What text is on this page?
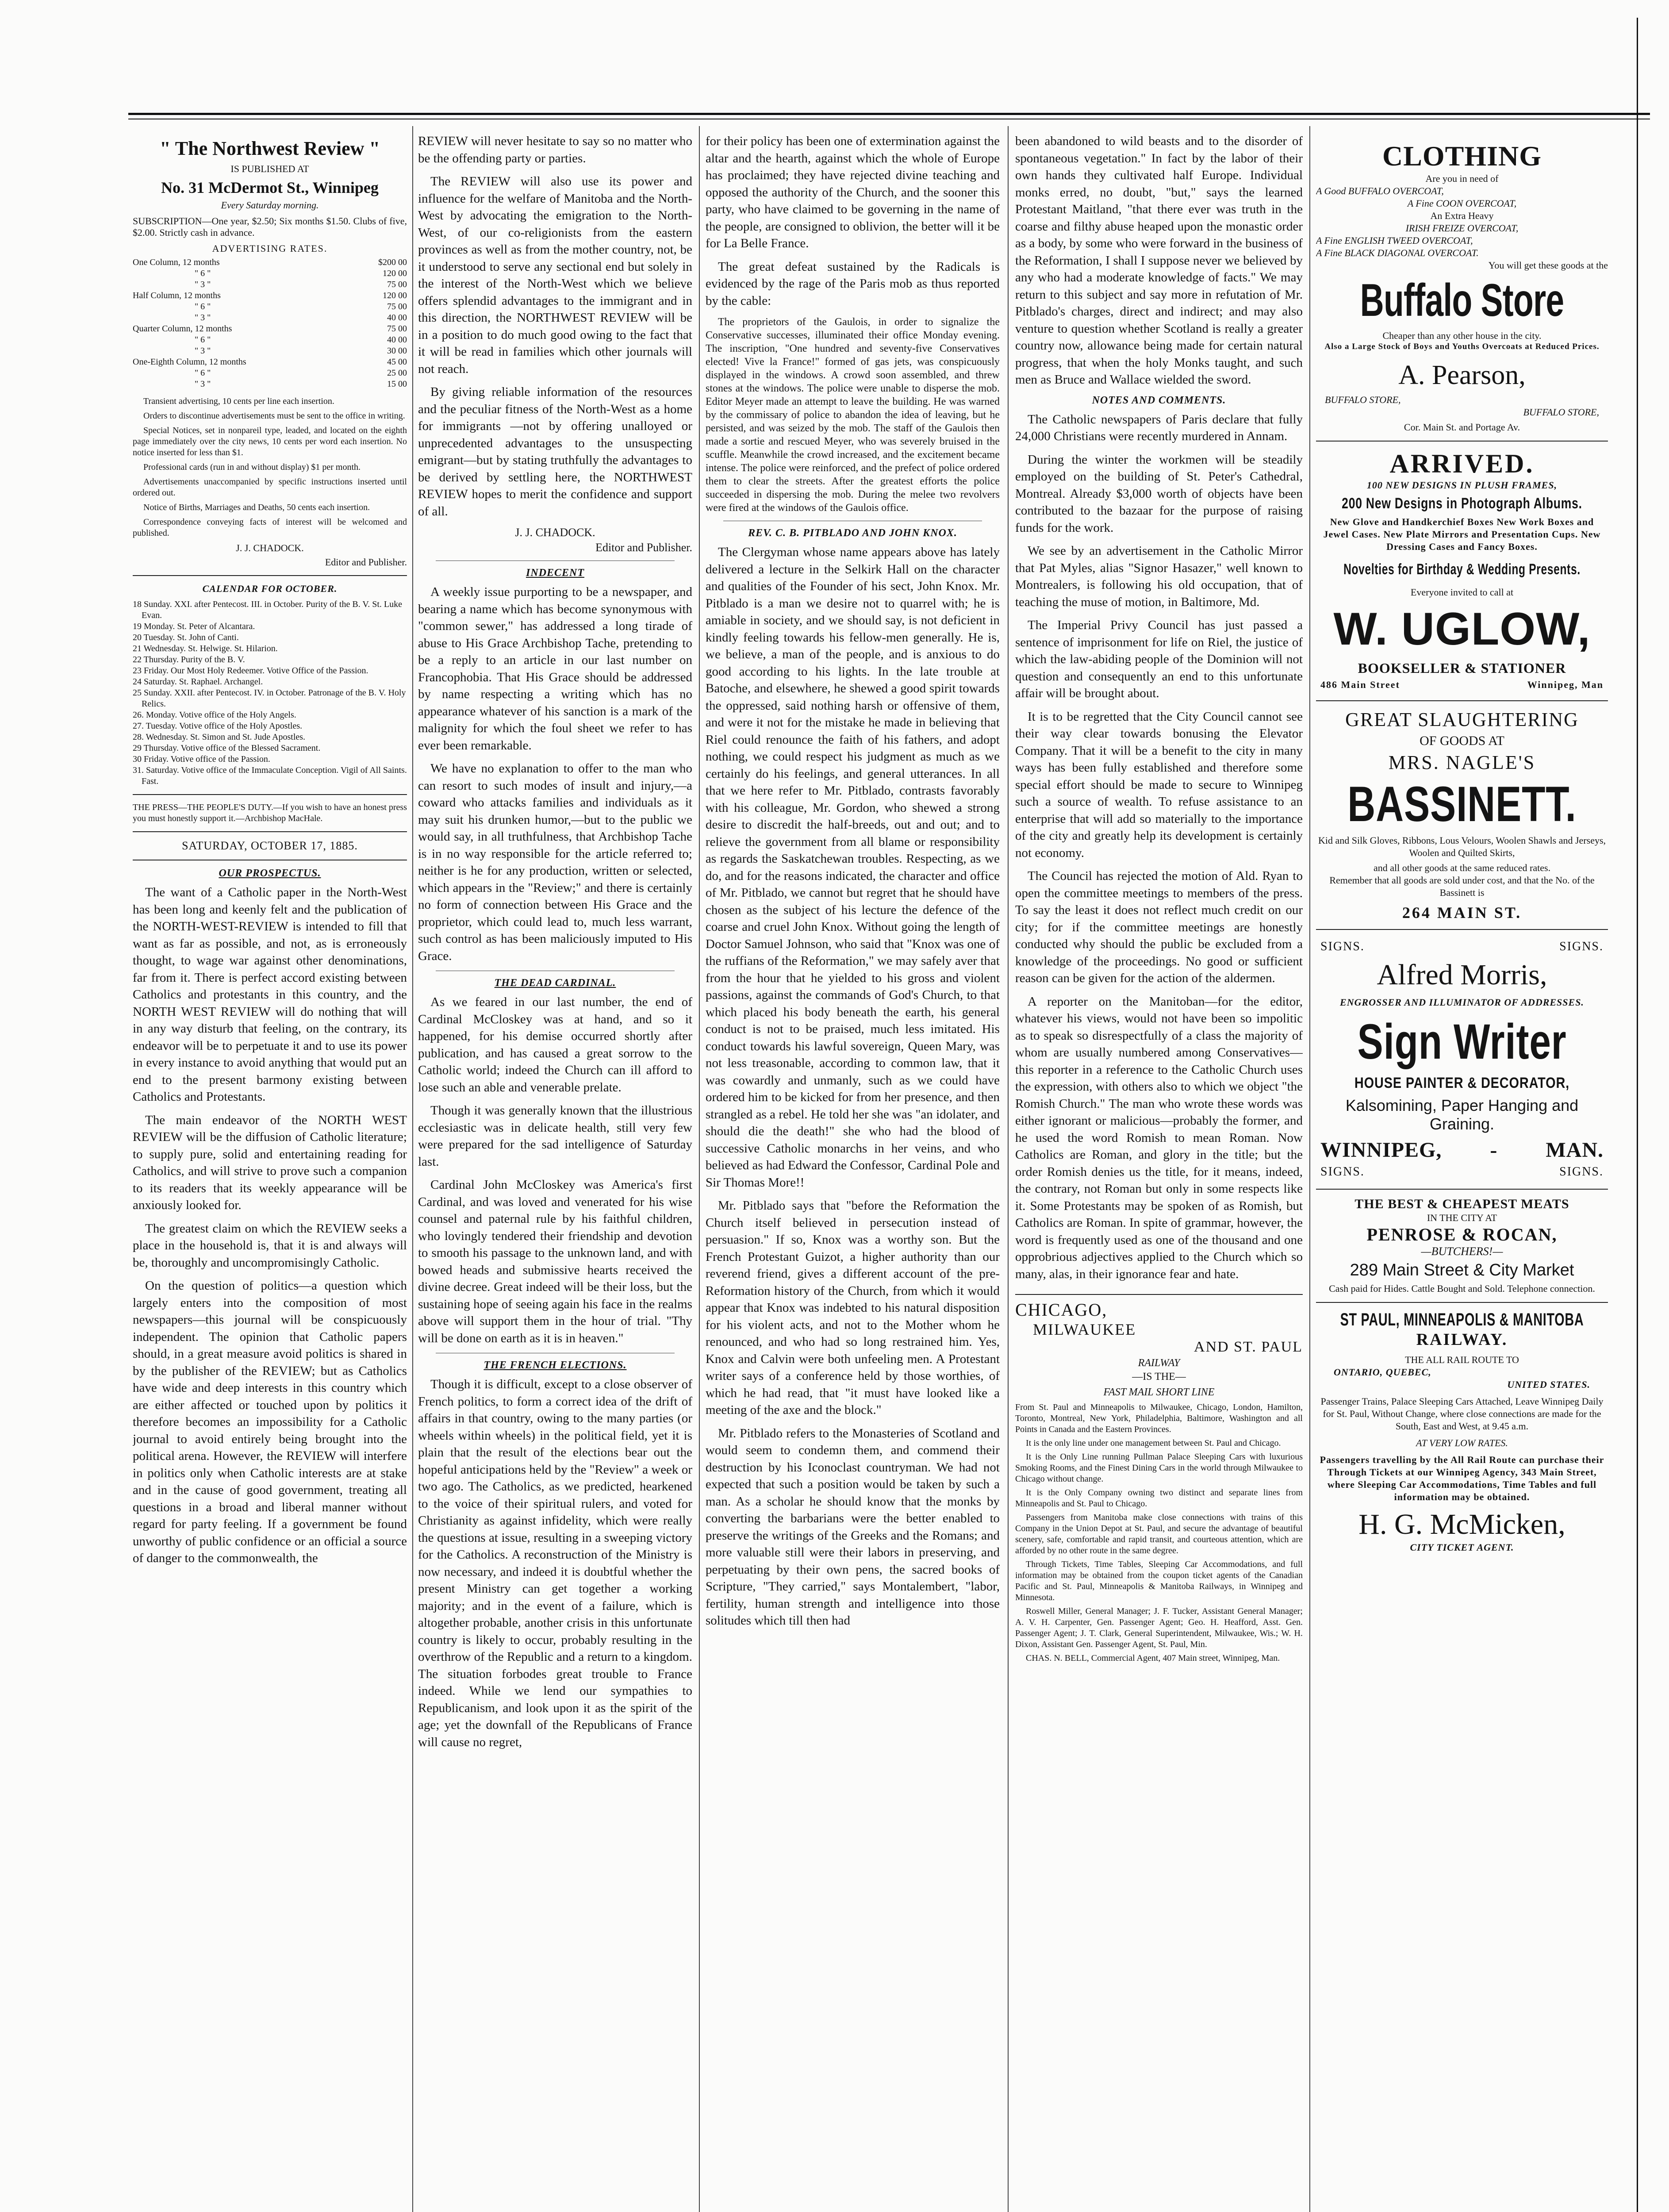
" The Northwest Review "
IS PUBLISHED AT
No. 31 McDermot St., Winnipeg
Every Saturday morning.
SUBSCRIPTION—One year, $2.50; Six months $1.50. Clubs of five, $2.00. Strictly cash in advance.
ADVERTISING RATES.
One Column, 12 months	$200 00
" 6 "	120 00
" 3 "	75 00
Half Column, 12 months	120 00
" 6 "	75 00
" 3 "	40 00
Quarter Column, 12 months	75 00
" 6 "	40 00
" 3 "	30 00
One-Eighth Column, 12 months	45 00
" 6 "	25 00
" 3 "	15 00
Transient advertising, 10 cents per line each insertion.
Orders to discontinue advertisements must be sent to the office in writing.
Special Notices, set in nonpareil type, leaded, and located on the eighth page immediately over the city news, 10 cents per word each insertion. No notice inserted for less than $1.
Professional cards (run in and without display) $1 per month.
Advertisements unaccompanied by specific instructions inserted until ordered out.
Notice of Births, Marriages and Deaths, 50 cents each insertion.
Correspondence conveying facts of interest will be welcomed and published.
J. J. CHADOCK.
Editor and Publisher.
CALENDAR FOR OCTOBER.
18 Sunday. XXI. after Pentecost. III. in October. Purity of the B. V. St. Luke Evan.
19 Monday. St. Peter of Alcantara.
20 Tuesday. St. John of Canti.
21 Wednesday. St. Helwige. St. Hilarion.
22 Thursday. Purity of the B. V.
23 Friday. Our Most Holy Redeemer. Votive Office of the Passion.
24 Saturday. St. Raphael. Archangel.
25 Sunday. XXII. after Pentecost. IV. in October. Patronage of the B. V. Holy Relics.
26. Monday. Votive office of the Holy Angels.
27. Tuesday. Votive office of the Holy Apostles.
28. Wednesday. St. Simon and St. Jude Apostles.
29 Thursday. Votive office of the Blessed Sacrament.
30 Friday. Votive office of the Passion.
31. Saturday. Votive office of the Immaculate Conception. Vigil of All Saints. Fast.
THE PRESS—THE PEOPLE'S DUTY.—If you wish to have an honest press you must honestly support it.—Archbishop MacHale.
SATURDAY, OCTOBER 17, 1885.
OUR PROSPECTUS.

The want of a Catholic paper in the North-West has been long and keenly felt and the publication of the NORTH-WEST-REVIEW is intended to fill that want as far as possible, and not, as is erroneously thought, to wage war against other denominations, far from it. There is perfect accord existing between Catholics and protestants in this country, and the NORTH WEST REVIEW will do nothing that will in any way disturb that feeling, on the contrary, its endeavor will be to perpetuate it and to use its power in every instance to avoid anything that would put an end to the present barmony existing between Catholics and Protestants.

The main endeavor of the NORTH WEST REVIEW will be the diffusion of Catholic literature; to supply pure, solid and entertaining reading for Catholics, and will strive to prove such a companion to its readers that its weekly appearance will be anxiously looked for.

The greatest claim on which the REVIEW seeks a place in the household is, that it is and always will be, thoroughly and uncompromisingly Catholic.

On the question of politics—a question which largely enters into the composition of most newspapers—this journal will be conspicuously independent. The opinion that Catholic papers should, in a great measure avoid politics is shared in by the publisher of the REVIEW; but as Catholics have wide and deep interests in this country which are either affected or touched upon by politics it therefore becomes an impossibility for a Catholic journal to avoid entirely being brought into the political arena. However, the REVIEW will interfere in politics only when Catholic interests are at stake and in the cause of good government, treating all questions in a broad and liberal manner without regard for party feeling. If a government be found unworthy of public confidence or an official a source of danger to the commonwealth, the

REVIEW will never hesitate to say so no matter who be the offending party or parties.

The REVIEW will also use its power and influence for the welfare of Manitoba and the North-West by advocating the emigration to the North-West, of our co-religionists from the eastern provinces as well as from the mother country, not, be it understood to serve any sectional end but solely in the interest of the North-West which we believe offers splendid advantages to the immigrant and in this direction, the NORTHWEST REVIEW will be in a position to do much good owing to the fact that it will be read in families which other journals will not reach.

By giving reliable information of the resources and the peculiar fitness of the North-West as a home for immigrants —not by offering unalloyed or unprecedented advantages to the unsuspecting emigrant—but by stating truthfully the advantages to be derived by settling here, the NORTHWEST REVIEW hopes to merit the confidence and support of all.

J. J. CHADOCK.
Editor and Publisher.
INDECENT

A weekly issue purporting to be a newspaper, and bearing a name which has become synonymous with "common sewer," has addressed a long tirade of abuse to His Grace Archbishop Tache, pretending to be a reply to an article in our last number on Francophobia. That His Grace should be addressed by name respecting a writing which has no appearance whatever of his sanction is a mark of the malignity for which the foul sheet we refer to has ever been remarkable.

We have no explanation to offer to the man who can resort to such modes of insult and injury,—a coward who attacks families and individuals as it may suit his drunken humor,—but to the public we would say, in all truthfulness, that Archbishop Tache is in no way responsible for the article referred to; neither is he for any production, written or selected, which appears in the "Review;" and there is certainly no form of connection between His Grace and the proprietor, which could lead to, much less warrant, such control as has been maliciously imputed to His Grace.

THE DEAD CARDINAL.

As we feared in our last number, the end of Cardinal McCloskey was at hand, and so it happened, for his demise occurred shortly after publication, and has caused a great sorrow to the Catholic world; indeed the Church can ill afford to lose such an able and venerable prelate.

Though it was generally known that the illustrious ecclesiastic was in delicate health, still very few were prepared for the sad intelligence of Saturday last.

Cardinal John McCloskey was America's first Cardinal, and was loved and venerated for his wise counsel and paternal rule by his faithful children, who lovingly tendered their friendship and devotion to smooth his passage to the unknown land, and with bowed heads and submissive hearts received the divine decree. Great indeed will be their loss, but the sustaining hope of seeing again his face in the realms above will support them in the hour of trial. "Thy will be done on earth as it is in heaven."

THE FRENCH ELECTIONS.

Though it is difficult, except to a close observer of French politics, to form a correct idea of the drift of affairs in that country, owing to the many parties (or wheels within wheels) in the political field, yet it is plain that the result of the elections bear out the hopeful anticipations held by the "Review" a week or two ago. The Catholics, as we predicted, hearkened to the voice of their spiritual rulers, and voted for Christianity as against infidelity, which were really the questions at issue, resulting in a sweeping victory for the Catholics. A reconstruction of the Ministry is now necessary, and indeed it is doubtful whether the present Ministry can get together a working majority; and in the event of a failure, which is altogether probable, another crisis in this unfortunate country is likely to occur, probably resulting in the overthrow of the Republic and a return to a kingdom. The situation forbodes great trouble to France indeed. While we lend our sympathies to Republicanism, and look upon it as the spirit of the age; yet the downfall of the Republicans of France will cause no regret,

for their policy has been one of extermination against the altar and the hearth, against which the whole of Europe has proclaimed; they have rejected divine teaching and opposed the authority of the Church, and the sooner this party, who have claimed to be governing in the name of the people, are consigned to oblivion, the better will it be for La Belle France.

The great defeat sustained by the Radicals is evidenced by the rage of the Paris mob as thus reported by the cable:

The proprietors of the Gaulois, in order to signalize the Conservative successes, illuminated their office Monday evening. The inscription, "One hundred and seventy-five Conservatives elected! Vive la France!" formed of gas jets, was conspicuously displayed in the windows. A crowd soon assembled, and threw stones at the windows. The police were unable to disperse the mob. Editor Meyer made an attempt to leave the building. He was warned by the commissary of police to abandon the idea of leaving, but he persisted, and was seized by the mob. The staff of the Gaulois then made a sortie and rescued Meyer, who was severely bruised in the scuffle. Meanwhile the crowd increased, and the excitement became intense. The police were reinforced, and the prefect of police ordered them to clear the streets. After the greatest efforts the police succeeded in dispersing the mob. During the melee two revolvers were fired at the windows of the Gaulois office.

REV. C. B. PITBLADO AND JOHN KNOX.

The Clergyman whose name appears above has lately delivered a lecture in the Selkirk Hall on the character and qualities of the Founder of his sect, John Knox. Mr. Pitblado is a man we desire not to quarrel with; he is amiable in society, and we should say, is not deficient in kindly feeling towards his fellow-men generally. He is, we believe, a man of the people, and is anxious to do good according to his lights. In the late trouble at Batoche, and elsewhere, he shewed a good spirit towards the oppressed, said nothing harsh or offensive of them, and were it not for the mistake he made in believing that Riel could renounce the faith of his fathers, and adopt nothing, we could respect his judgment as much as we certainly do his feelings, and general utterances. In all that we here refer to Mr. Pitblado, contrasts favorably with his colleague, Mr. Gordon, who shewed a strong desire to discredit the half-breeds, out and out; and to relieve the government from all blame or responsibility as regards the Saskatchewan troubles. Respecting, as we do, and for the reasons indicated, the character and office of Mr. Pitblado, we cannot but regret that he should have chosen as the subject of his lecture the defence of the coarse and cruel John Knox. Without going the length of Doctor Samuel Johnson, who said that "Knox was one of the ruffians of the Reformation," we may safely aver that from the hour that he yielded to his gross and violent passions, against the commands of God's Church, to that which placed his body beneath the earth, his general conduct is not to be praised, much less imitated. His conduct towards his lawful sovereign, Queen Mary, was not less treasonable, according to common law, that it was cowardly and unmanly, such as we could have ordered him to be kicked for from her presence, and then strangled as a rebel. He told her she was "an idolater, and should die the death!" she who had the blood of successive Catholic monarchs in her veins, and who believed as had Edward the Confessor, Cardinal Pole and Sir Thomas More!!

Mr. Pitblado says that "before the Reformation the Church itself believed in persecution instead of persuasion." If so, Knox was a worthy son. But the French Protestant Guizot, a higher authority than our reverend friend, gives a different account of the pre-Reformation history of the Church, from which it would appear that Knox was indebted to his natural disposition for his violent acts, and not to the Mother whom he renounced, and who had so long restrained him. Yes, Knox and Calvin were both unfeeling men. A Protestant writer says of a conference held by those worthies, of which he had read, that "it must have looked like a meeting of the axe and the block."

Mr. Pitblado refers to the Monasteries of Scotland and would seem to condemn them, and commend their destruction by his Iconoclast countryman. We had not expected that such a position would be taken by such a man. As a scholar he should know that the monks by converting the barbarians were the better enabled to preserve the writings of the Greeks and the Romans; and more valuable still were their labors in preserving, and perpetuating by their own pens, the sacred books of Scripture, "They carried," says Montalembert, "labor, fertility, human strength and intelligence into those solitudes which till then had

been abandoned to wild beasts and to the disorder of spontaneous vegetation." In fact by the labor of their own hands they cultivated half Europe. Individual monks erred, no doubt, "but," says the learned Protestant Maitland, "that there ever was truth in the coarse and filthy abuse heaped upon the monastic order as a body, by some who were forward in the business of the Reformation, I shall I suppose never we believed by any who had a moderate knowledge of facts." We may return to this subject and say more in refutation of Mr. Pitblado's charges, direct and indirect; and may also venture to question whether Scotland is really a greater country now, allowance being made for certain natural progress, that when the holy Monks taught, and such men as Bruce and Wallace wielded the sword.

NOTES AND COMMENTS.

The Catholic newspapers of Paris declare that fully 24,000 Christians were recently murdered in Annam.

During the winter the workmen will be steadily employed on the building of St. Peter's Cathedral, Montreal. Already $3,000 worth of objects have been contributed to the bazaar for the purpose of raising funds for the work.

We see by an advertisement in the Catholic Mirror that Pat Myles, alias "Signor Hasazer," well known to Montrealers, is following his old occupation, that of teaching the muse of motion, in Baltimore, Md.

The Imperial Privy Council has just passed a sentence of imprisonment for life on Riel, the justice of which the law-abiding people of the Dominion will not question and consequently an end to this unfortunate affair will be brought about.

It is to be regretted that the City Council cannot see their way clear towards bonusing the Elevator Company. That it will be a benefit to the city in many ways has been fully established and therefore some special effort should be made to secure to Winnipeg such a source of wealth. To refuse assistance to an enterprise that will add so materially to the importance of the city and greatly help its development is certainly not economy.

The Council has rejected the motion of Ald. Ryan to open the committee meetings to members of the press. To say the least it does not reflect much credit on our city; for if the committee meetings are honestly conducted why should the public be excluded from a knowledge of the proceedings. No good or sufficient reason can be given for the action of the aldermen.

A reporter on the Manitoban—for the editor, whatever his views, would not have been so impolitic as to speak so disrespectfully of a class the majority of whom are usually numbered among Conservatives—this reporter in a reference to the Catholic Church uses the expression, with others also to which we object "the Romish Church." The man who wrote these words was either ignorant or malicious—probably the former, and he used the word Romish to mean Roman. Now Catholics are Roman, and glory in the title; but the order Romish denies us the title, for it means, indeed, the contrary, not Roman but only in some respects like it. Some Protestants may be spoken of as Romish, but Catholics are Roman. In spite of grammar, however, the word is frequently used as one of the thousand and one opprobrious adjectives applied to the Church which so many, alas, in their ignorance fear and hate.

CHICAGO,
MILWAUKEE
AND ST. PAUL
RAILWAY
—IS THE—
FAST MAIL SHORT LINE
From St. Paul and Minneapolis to Milwaukee, Chicago, London, Hamilton, Toronto, Montreal, New York, Philadelphia, Baltimore, Washington and all Points in Canada and the Eastern Provinces.
It is the only line under one management between St. Paul and Chicago.
It is the Only Line running Pullman Palace Sleeping Cars with luxurious Smoking Rooms, and the Finest Dining Cars in the world through Milwaukee to Chicago without change.
It is the Only Company owning two distinct and separate lines from Minneapolis and St. Paul to Chicago.
Passengers from Manitoba make close connections with trains of this Company in the Union Depot at St. Paul, and secure the advantage of beautiful scenery, safe, comfortable and rapid transit, and courteous attention, which are afforded by no other route in the same degree.
Through Tickets, Time Tables, Sleeping Car Accommodations, and full information may be obtained from the coupon ticket agents of the Canadian Pacific and St. Paul, Minneapolis & Manitoba Railways, in Winnipeg and Minnesota.
Roswell Miller, General Manager; J. F. Tucker, Assistant General Manager; A. V. H. Carpenter, Gen. Passenger Agent; Geo. H. Heafford, Asst. Gen. Passenger Agent; J. T. Clark, General Superintendent, Milwaukee, Wis.; W. H. Dixon, Assistant Gen. Passenger Agent, St. Paul, Min.
CHAS. N. BELL, Commercial Agent, 407 Main street, Winnipeg, Man.
CLOTHING
Are you in need of
A Good BUFFALO OVERCOAT,
A Fine COON OVERCOAT,
An Extra Heavy
IRISH FREIZE OVERCOAT,
A Fine ENGLISH TWEED OVERCOAT,
A Fine BLACK DIAGONAL OVERCOAT.
You will get these goods at the
Buffalo Store
Cheaper than any other house in the city.
Also a Large Stock of Boys and Youths Overcoats at Reduced Prices.
A. Pearson,
BUFFALO STORE,
BUFFALO STORE,
Cor. Main St. and Portage Av.
ARRIVED.
100 NEW DESIGNS IN PLUSH FRAMES,
200 New Designs in Photograph Albums.
New Glove and Handkerchief Boxes New Work Boxes and Jewel Cases. New Plate Mirrors and Presentation Cups. New Dressing Cases and Fancy Boxes.
Novelties for Birthday & Wedding Presents.
Everyone invited to call at
W. UGLOW,
BOOKSELLER & STATIONER
486 Main Street	Winnipeg, Man
GREAT SLAUGHTERING
OF GOODS AT
MRS. NAGLE'S
BASSINETT.
Kid and Silk Gloves, Ribbons, Lous Velours, Woolen Shawls and Jerseys, Woolen and Quilted Skirts,
and all other goods at the same reduced rates.
Remember that all goods are sold under cost, and that the No. of the Bassinett is
264 MAIN ST.
SIGNS.	SIGNS.
Alfred Morris,
ENGROSSER AND ILLUMINATOR OF ADDRESSES.
Sign Writer
HOUSE PAINTER & DECORATOR,
Kalsomining, Paper Hanging and Graining.
WINNIPEG, - MAN.
SIGNS.	SIGNS.
THE BEST & CHEAPEST MEATS
IN THE CITY AT
PENROSE & ROCAN,
—BUTCHERS!—
289 Main Street & City Market
Cash paid for Hides. Cattle Bought and Sold. Telephone connection.
ST PAUL, MINNEAPOLIS & MANITOBA
RAILWAY.
THE ALL RAIL ROUTE TO
ONTARIO, QUEBEC,
UNITED STATES.
Passenger Trains, Palace Sleeping Cars Attached, Leave Winnipeg Daily for St. Paul, Without Change, where close connections are made for the South, East and West, at 9.45 a.m.
AT VERY LOW RATES.
Passengers travelling by the All Rail Route can purchase their Through Tickets at our Winnipeg Agency, 343 Main Street, where Sleeping Car Accommodations, Time Tables and full information may be obtained.
H. G. McMicken,
CITY TICKET AGENT.
